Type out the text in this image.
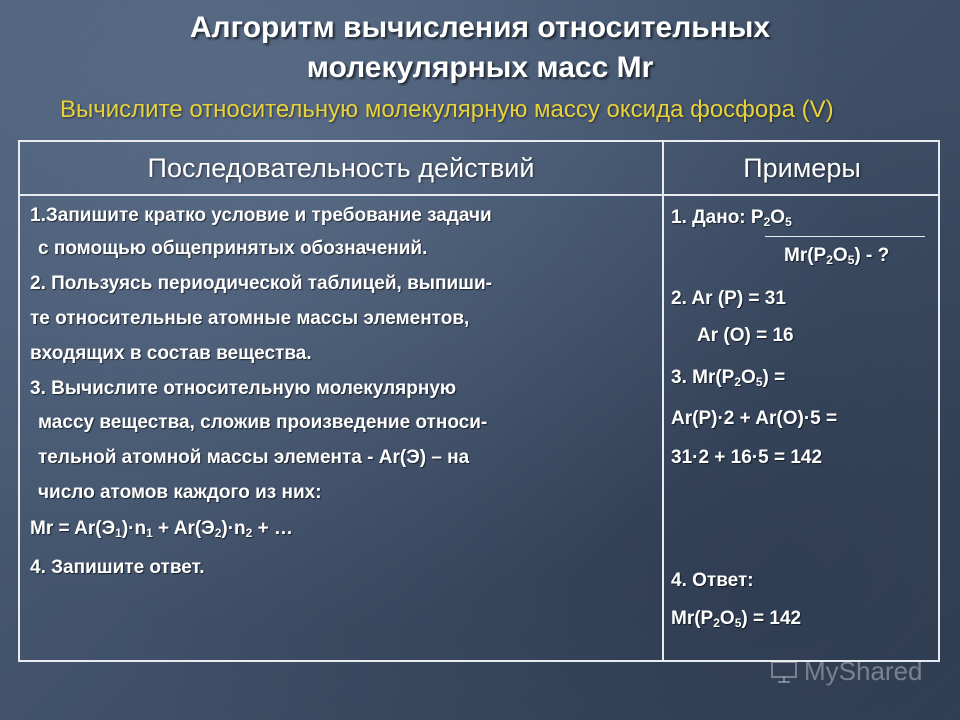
Алгоритм вычисления относительных
молекулярных масс Mr
Вычислите относительную молекулярную массу оксида фосфора (V)
Последовательность действий	Примеры
1.Запишите кратко условие и требование задачи
с помощью общепринятых обозначений.
2. Пользуясь периодической таблицей, выпиши-
те относительные атомные массы элементов,
входящих в состав вещества.
3. Вычислите относительную молекулярную
массу вещества, сложив произведение относи-
тельной атомной массы элемента - Ar(Э) – на
число атомов каждого из них:
$Mr = Ar(Э_1)\cdot n_1 + Ar(Э_2)\cdot n_2$ + …
4. Запишите ответ.
1. Дано: $P_2O_5$
$Mr(P_2O_5)$ - ?
2. Ar (P) = 31
Ar (O) = 16
3. $Mr(P_2O_5)$ =
Ar(P)·2 + Ar(O)·5 =
31·2 + 16·5 = 142
4. Ответ:
$Mr(P_2O_5) = 142$
MyShared
